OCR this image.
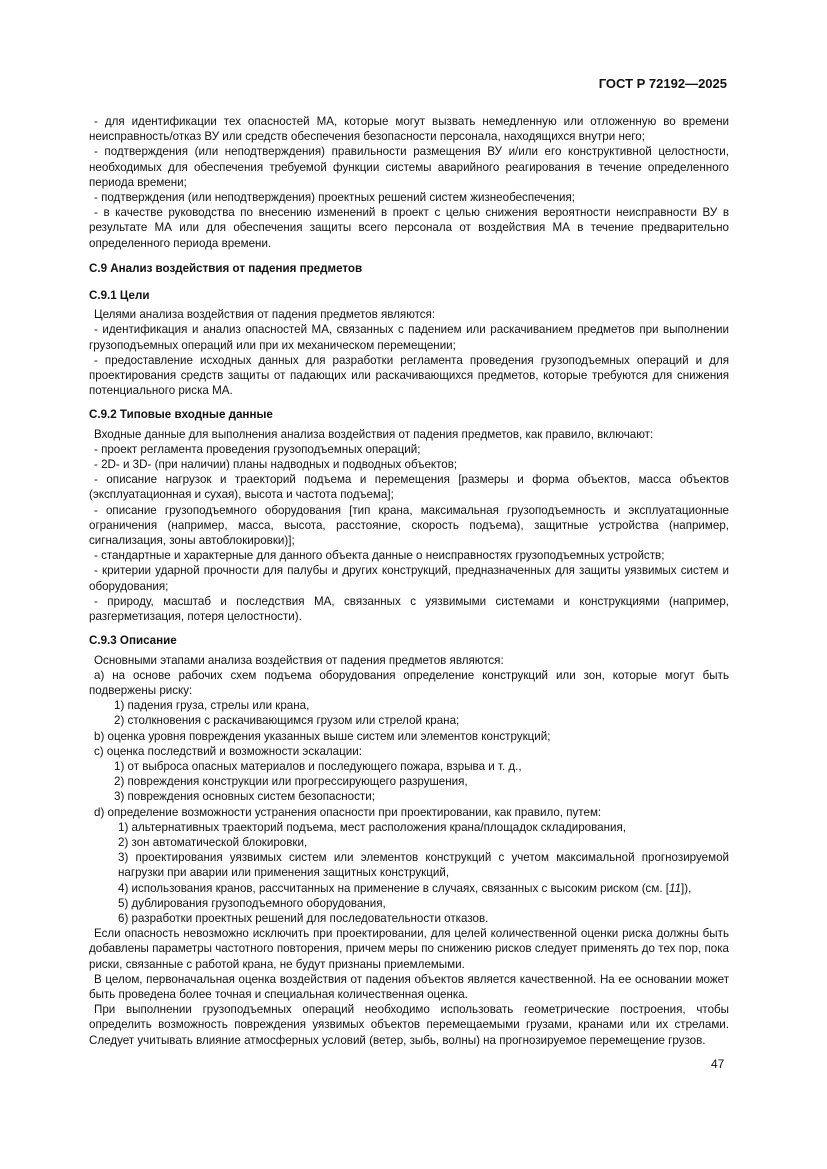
ГОСТ Р 72192—2025

- для идентификации тех опасностей МА, которые могут вызвать немедленную или отложенную во времени неисправность/отказ ВУ или средств обеспечения безопасности персонала, находящихся внутри него;

- подтверждения (или неподтверждения) правильности размещения ВУ и/или его конструктивной целостности, необходимых для обеспечения требуемой функции системы аварийного реагирования в течение определенного периода времени;

- подтверждения (или неподтверждения) проектных решений систем жизнеобеспечения;

- в качестве руководства по внесению изменений в проект с целью снижения вероятности неисправности ВУ в результате МА или для обеспечения защиты всего персонала от воздействия МА в течение предварительно определенного периода времени.

С.9 Анализ воздействия от падения предметов

С.9.1 Цели

Целями анализа воздействия от падения предметов являются:

- идентификация и анализ опасностей МА, связанных с падением или раскачиванием предметов при выполнении грузоподъемных операций или при их механическом перемещении;

- предоставление исходных данных для разработки регламента проведения грузоподъемных операций и для проектирования средств защиты от падающих или раскачивающихся предметов, которые требуются для снижения потенциального риска МА.

С.9.2 Типовые входные данные

Входные данные для выполнения анализа воздействия от падения предметов, как правило, включают:

- проект регламента проведения грузоподъемных операций;

- 2D- и 3D- (при наличии) планы надводных и подводных объектов;

- описание нагрузок и траекторий подъема и перемещения [размеры и форма объектов, масса объектов (эксплуатационная и сухая), высота и частота подъема];

- описание грузоподъемного оборудования [тип крана, максимальная грузоподъемность и эксплуатационные ограничения (например, масса, высота, расстояние, скорость подъема), защитные устройства (например, сигнализация, зоны автоблокировки)];

- стандартные и характерные для данного объекта данные о неисправностях грузоподъемных устройств;

- критерии ударной прочности для палубы и других конструкций, предназначенных для защиты уязвимых систем и оборудования;

- природу, масштаб и последствия МА, связанных с уязвимыми системами и конструкциями (например, разгерметизация, потеря целостности).

С.9.3 Описание

Основными этапами анализа воздействия от падения предметов являются:

а) на основе рабочих схем подъема оборудования определение конструкций или зон, которые могут быть подвержены риску:

1) падения груза, стрелы или крана,

2) столкновения с раскачивающимся грузом или стрелой крана;

b) оценка уровня повреждения указанных выше систем или элементов конструкций;

c) оценка последствий и возможности эскалации:

1) от выброса опасных материалов и последующего пожара, взрыва и т. д.,

2) повреждения конструкции или прогрессирующего разрушения,

3) повреждения основных систем безопасности;

d) определение возможности устранения опасности при проектировании, как правило, путем:

1) альтернативных траекторий подъема, мест расположения крана/площадок складирования,

2) зон автоматической блокировки,

3) проектирования уязвимых систем или элементов конструкций с учетом максимальной прогнозируемой нагрузки при аварии или применения защитных конструкций,

4) использования кранов, рассчитанных на применение в случаях, связанных с высоким риском (см. [11]),

5) дублирования грузоподъемного оборудования,

6) разработки проектных решений для последовательности отказов.

Если опасность невозможно исключить при проектировании, для целей количественной оценки риска должны быть добавлены параметры частотного повторения, причем меры по снижению рисков следует применять до тех пор, пока риски, связанные с работой крана, не будут признаны приемлемыми.

В целом, первоначальная оценка воздействия от падения объектов является качественной. На ее основании может быть проведена более точная и специальная количественная оценка.

При выполнении грузоподъемных операций необходимо использовать геометрические построения, чтобы определить возможность повреждения уязвимых объектов перемещаемыми грузами, кранами или их стрелами. Следует учитывать влияние атмосферных условий (ветер, зыбь, волны) на прогнозируемое перемещение грузов.

47
